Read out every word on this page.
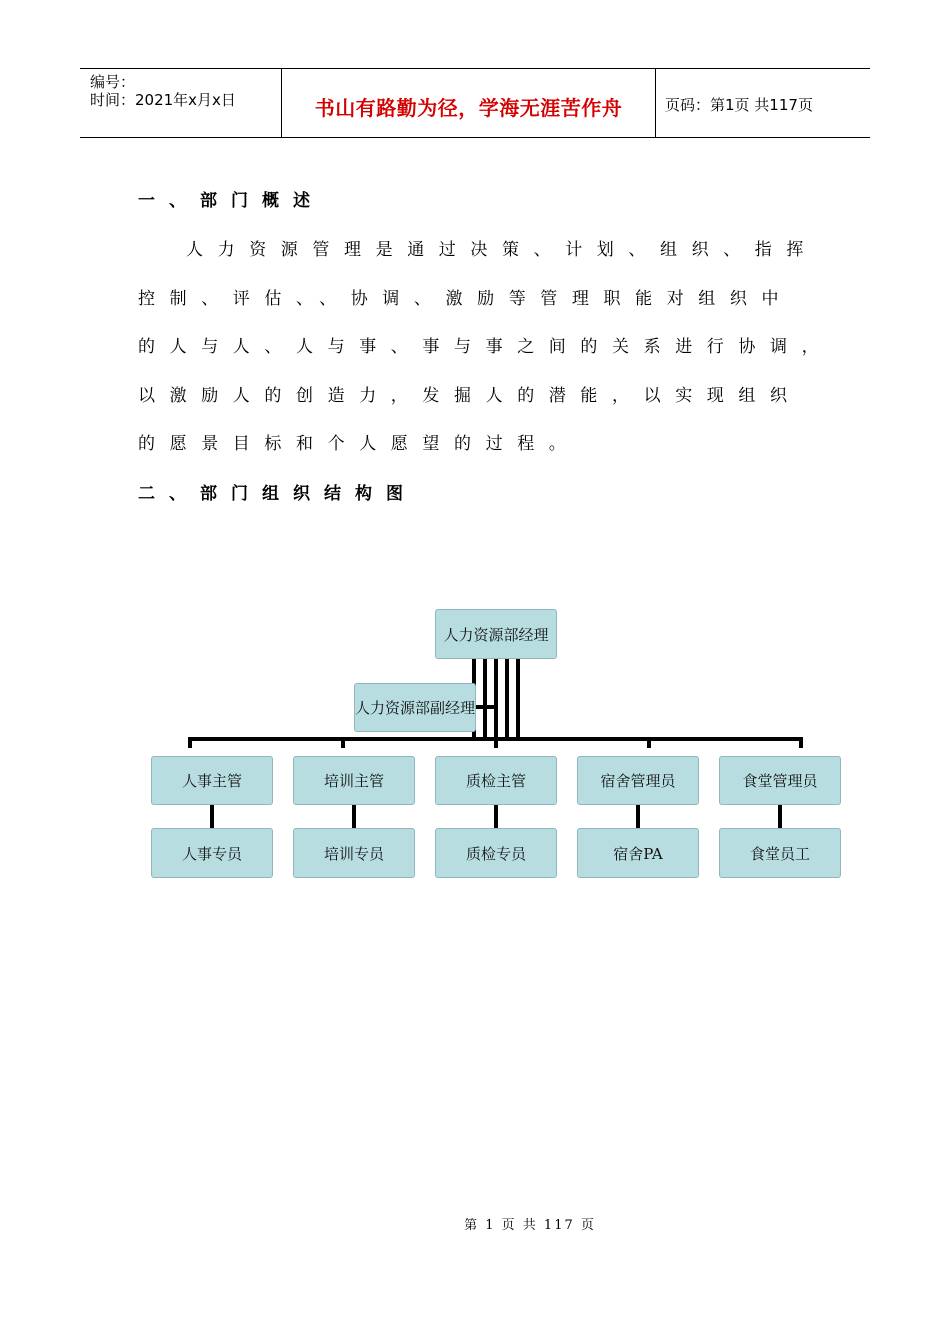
编号：
时间：2021年x月x日	书山有路勤为径，学海无涯苦作舟	页码：第1页 共117页
一、部门概述
人力资源管理是通过决策、计划、组织、指挥
控制、评估、、协调、激励等管理职能对组织中
的人与人、人与事、事与事之间的关系进行协调，
以激励人的创造力，发掘人的潜能，以实现组织
的愿景目标和个人愿望的过程。
二、部门组织结构图
人力资源部经理
人力资源部副经理
人事主管	培训主管	质检主管	宿舍管理员	食堂管理员
人事专员	培训专员	质检专员	宿舍PA	食堂员工
第 1 页 共 117 页
